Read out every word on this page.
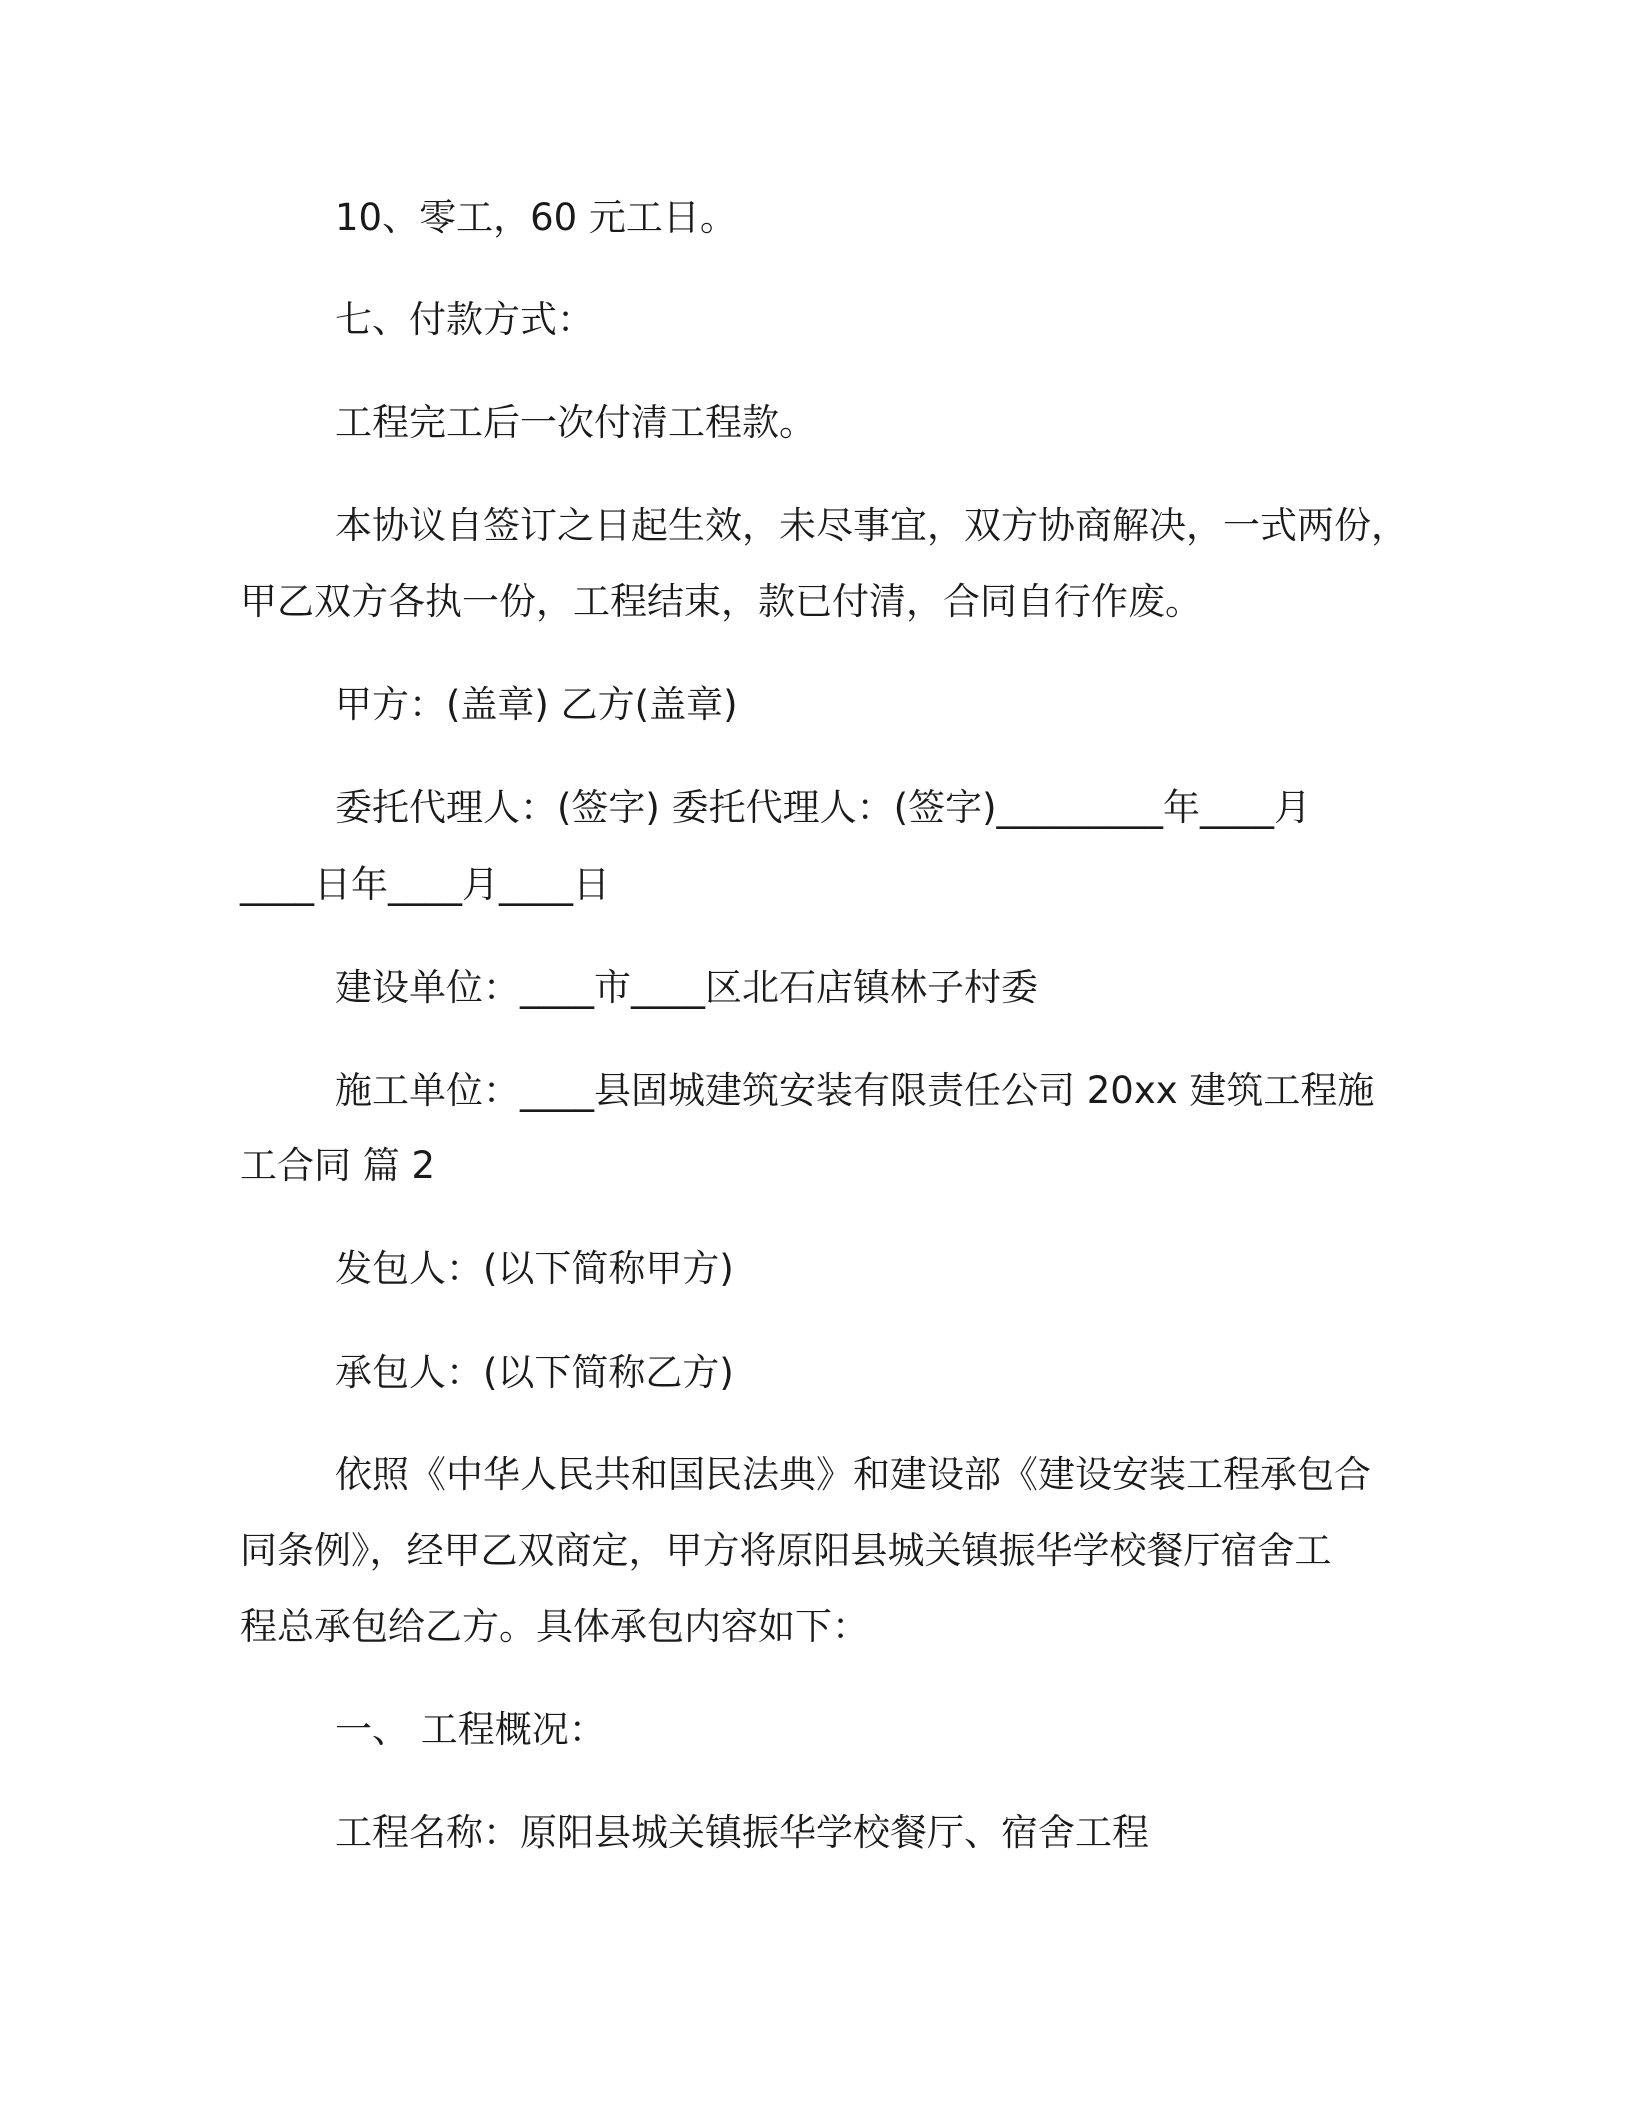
10、零工，60 元工日。
七、付款方式：
工程完工后一次付清工程款。
本协议自签订之日起生效，未尽事宜，双方协商解决，一式两份，
甲乙双方各执一份，工程结束，款已付清，合同自行作废。
甲方：(盖章) 乙方(盖章)
委托代理人：(签字) 委托代理人：(签字)_________年____月
____日年____月____日
建设单位：____市____区北石店镇林子村委
施工单位：____县固城建筑安装有限责任公司 20xx 建筑工程施
工合同 篇 2
发包人：(以下简称甲方)
承包人：(以下简称乙方)
依照《中华人民共和国民法典》和建设部《建设安装工程承包合
同条例》，经甲乙双商定，甲方将原阳县城关镇振华学校餐厅宿舍工
程总承包给乙方。具体承包内容如下：
一、 工程概况：
工程名称：原阳县城关镇振华学校餐厅、宿舍工程
